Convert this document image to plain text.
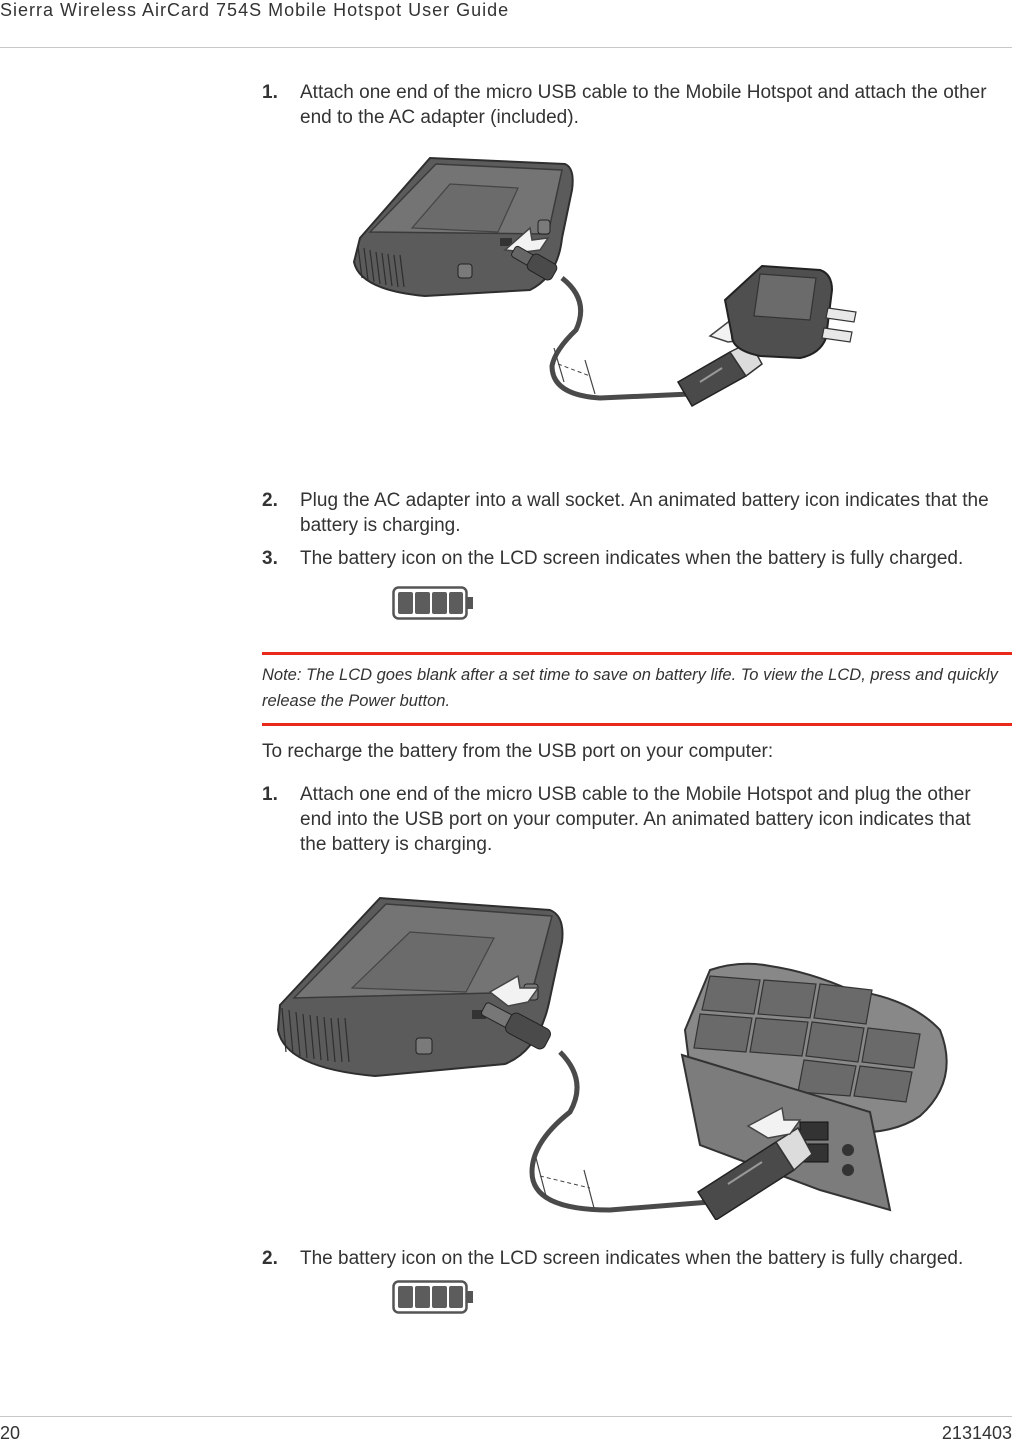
Sierra Wireless AirCard 754S Mobile Hotspot User Guide
1. Attach one end of the micro USB cable to the Mobile Hotspot and attach the other end to the AC adapter (included).
2. Plug the AC adapter into a wall socket. An animated battery icon indicates that the battery is charging.
3. The battery icon on the LCD screen indicates when the battery is fully charged.
Note: The LCD goes blank after a set time to save on battery life. To view the LCD, press and quickly release the Power button.
To recharge the battery from the USB port on your computer:
1. Attach one end of the micro USB cable to the Mobile Hotspot and plug the other end into the USB port on your computer. An animated battery icon indicates that the battery is charging.
2. The battery icon on the LCD screen indicates when the battery is fully charged.
20	2131403
